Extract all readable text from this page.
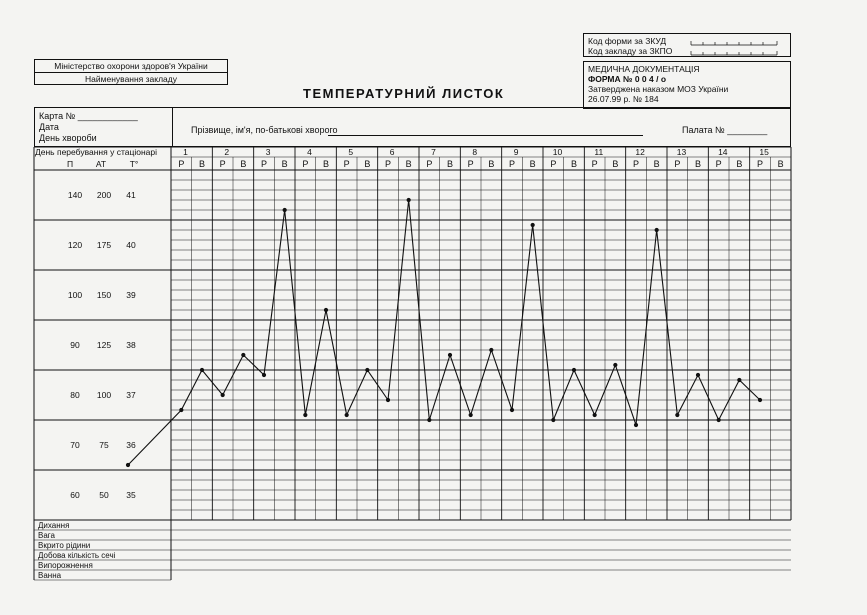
Код форми за ЗКУД
Код закладу за ЗКПО
Міністерство охорони здоров'я України
Найменування закладу
МЕДИЧНА ДОКУМЕНТАЦІЯ
ФОРМА № 0 0 4 / о
Затверджена наказом МОЗ України
26.07.99 р. № 184
ТЕМПЕРАТУРНИЙ ЛИСТОК
Карта № ____________
Дата
День хвороби
Прізвище, ім'я, по-батькові хворого	Палата № ________
День перебування у стаціонарі
П	АТ	T°
1
Р В
2
Р В
3
Р В
4
Р В
5
Р В
6
Р В
7
Р В
8
Р В
9
Р В
10
Р В
11
Р В
12
Р В
13
Р В
14
Р В
15
Р В
140 200 41
120 175 40
100 150 39
90 125 38
80 100 37
70 75 36
60 50 35
Дихання
Вага
Вкрито рідини
Добова кількість сечі
Випорожнення
Ванна
